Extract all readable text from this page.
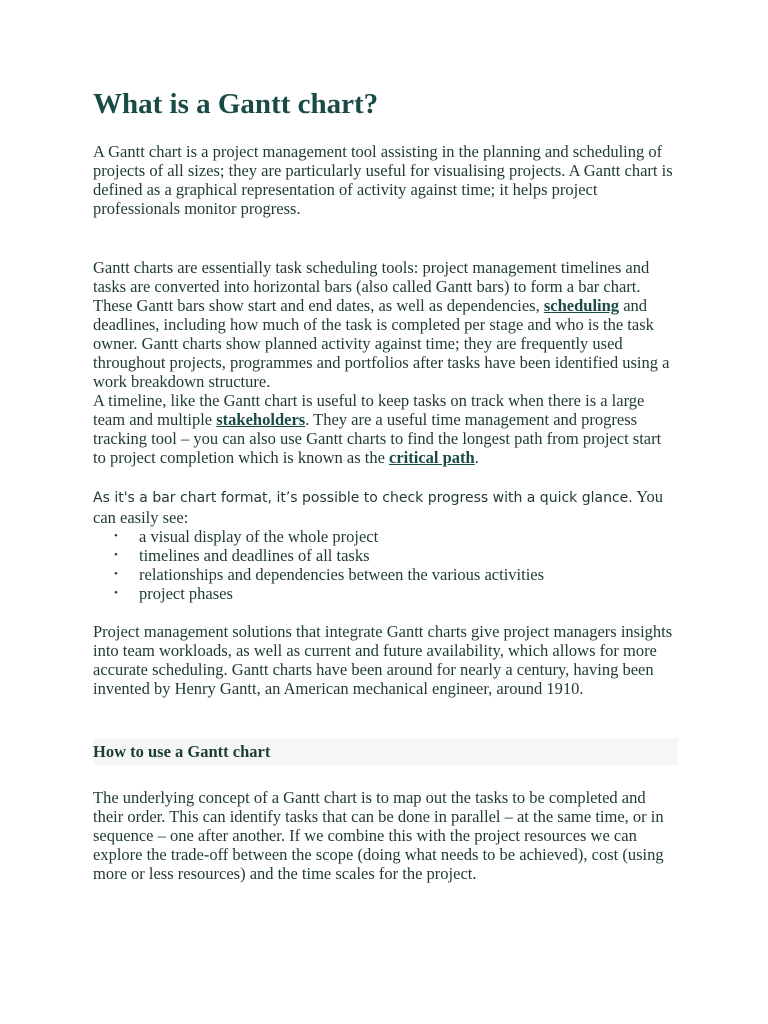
What is a Gantt chart?

A Gantt chart is a project management tool assisting in the planning and scheduling of projects of all sizes; they are particularly useful for visualising projects. A Gantt chart is defined as a graphical representation of activity against time; it helps project professionals monitor progress.

Gantt charts are essentially task scheduling tools: project management timelines and tasks are converted into horizontal bars (also called Gantt bars) to form a bar chart. These Gantt bars show start and end dates, as well as dependencies, scheduling and deadlines, including how much of the task is completed per stage and who is the task owner. Gantt charts show planned activity against time; they are frequently used throughout projects, programmes and portfolios after tasks have been identified using a work breakdown structure.
A timeline, like the Gantt chart is useful to keep tasks on track when there is a large team and multiple stakeholders. They are a useful time management and progress tracking tool – you can also use Gantt charts to find the longest path from project start to project completion which is known as the critical path.

As it's a bar chart format, it’s possible to check progress with a quick glance. You can easily see:

• a visual display of the whole project
• timelines and deadlines of all tasks
• relationships and dependencies between the various activities
• project phases

Project management solutions that integrate Gantt charts give project managers insights into team workloads, as well as current and future availability, which allows for more accurate scheduling. Gantt charts have been around for nearly a century, having been invented by Henry Gantt, an American mechanical engineer, around 1910.

How to use a Gantt chart

The underlying concept of a Gantt chart is to map out the tasks to be completed and their order. This can identify tasks that can be done in parallel – at the same time, or in sequence – one after another. If we combine this with the project resources we can explore the trade-off between the scope (doing what needs to be achieved), cost (using more or less resources) and the time scales for the project.
